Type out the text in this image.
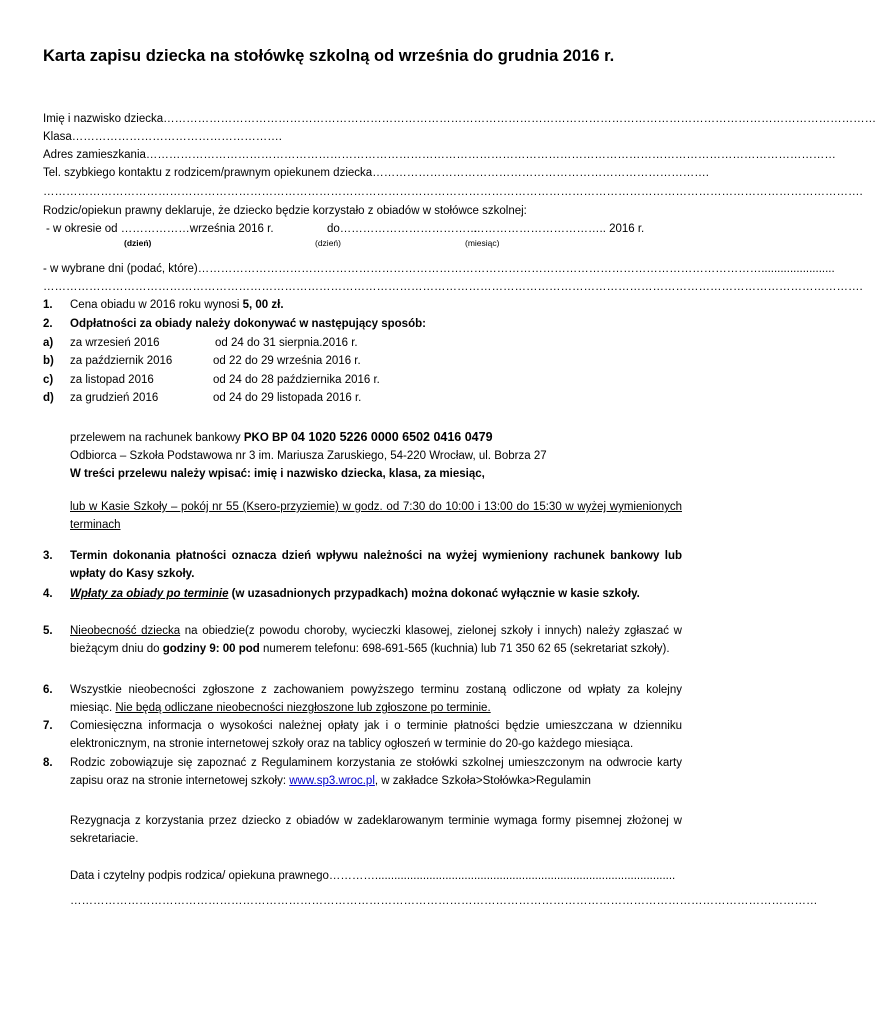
Karta zapisu dziecka na stołówkę szkolną od września do grudnia 2016 r.
Imię i nazwisko dziecka……………………………………………………………………………………………………………………………………………………………………
Klasa……………………………………………….
Adres zamieszkania………………………………………………………………………………………………………………………………………………………………
Tel. szybkiego kontaktu z rodzicem/prawnym opiekunem dziecka…………………………………………………………………………….
…………………………………………………………………………………………………………………………………………………………………………………………….
Rodzic/opiekun prawny deklaruje, że dziecko będzie korzystało z obiadów w stołówce szkolnej:
- w okresie od ………………września 2016 r.	do………………………………
…………………………….. 2016 r.
(dzień)	(dzień)	(miesiąc)
- w wybrane dni (podać, które)………………………………………………………………………………………………………………………………….......................
…………………………………………………………………………………………………………………………………………………………………………………………….
1. Cena obiadu w 2016 roku wynosi 5, 00 zł.
2. Odpłatności za obiady należy dokonywać w następujący sposób:
a) za wrzesień 2016	od 24 do 31 sierpnia.2016 r.
b) za październik 2016	od 22 do 29 września 2016 r.
c) za listopad 2016	od 24 do 28 października 2016 r.
d) za grudzień 2016	od 24 do 29 listopada 2016 r.
przelewem na rachunek bankowy PKO BP 04 1020 5226 0000 6502 0416 0479
Odbiorca – Szkoła Podstawowa nr 3 im. Mariusza Zaruskiego, 54-220 Wrocław, ul. Bobrza 27
W treści przelewu należy wpisać: imię i nazwisko dziecka, klasa, za miesiąc,
lub w Kasie Szkoły – pokój nr 55 (Ksero-przyziemie) w godz. od 7:30 do 10:00 i 13:00 do 15:30 w wyżej wymienionych terminach
3. Termin dokonania płatności oznacza dzień wpływu należności na wyżej wymieniony rachunek bankowy lub wpłaty do Kasy szkoły.
4. Wpłaty za obiady po terminie (w uzasadnionych przypadkach) można dokonać wyłącznie w kasie szkoły.
5. Nieobecność dziecka na obiedzie(z powodu choroby, wycieczki klasowej, zielonej szkoły i innych) należy zgłaszać w bieżącym dniu do godziny 9: 00 pod numerem telefonu: 698-691-565 (kuchnia) lub 71 350 62 65 (sekretariat szkoły).
6. Wszystkie nieobecności zgłoszone z zachowaniem powyższego terminu zostaną odliczone od wpłaty za kolejny miesiąc. Nie będą odliczane nieobecności niezgłoszone lub zgłoszone po terminie.
7. Comiesięczna informacja o wysokości należnej opłaty jak i o terminie płatności będzie umieszczana w dzienniku elektronicznym, na stronie internetowej szkoły oraz na tablicy ogłoszeń w terminie do 20-go każdego miesiąca.
8. Rodzic zobowiązuje się zapoznać z Regulaminem korzystania ze stołówki szkolnej umieszczonym na odwrocie karty zapisu oraz na stronie internetowej szkoły: www.sp3.wroc.pl, w zakładce Szkoła>Stołówka>Regulamin
Rezygnacja z korzystania przez dziecko z obiadów w zadeklarowanym terminie wymaga formy pisemnej złożonej w sekretariacie.
Data i czytelny podpis rodzica/ opiekuna prawnego…………..............................................................................................
……………………………………………………………………………………………………………………………………………………………………………
